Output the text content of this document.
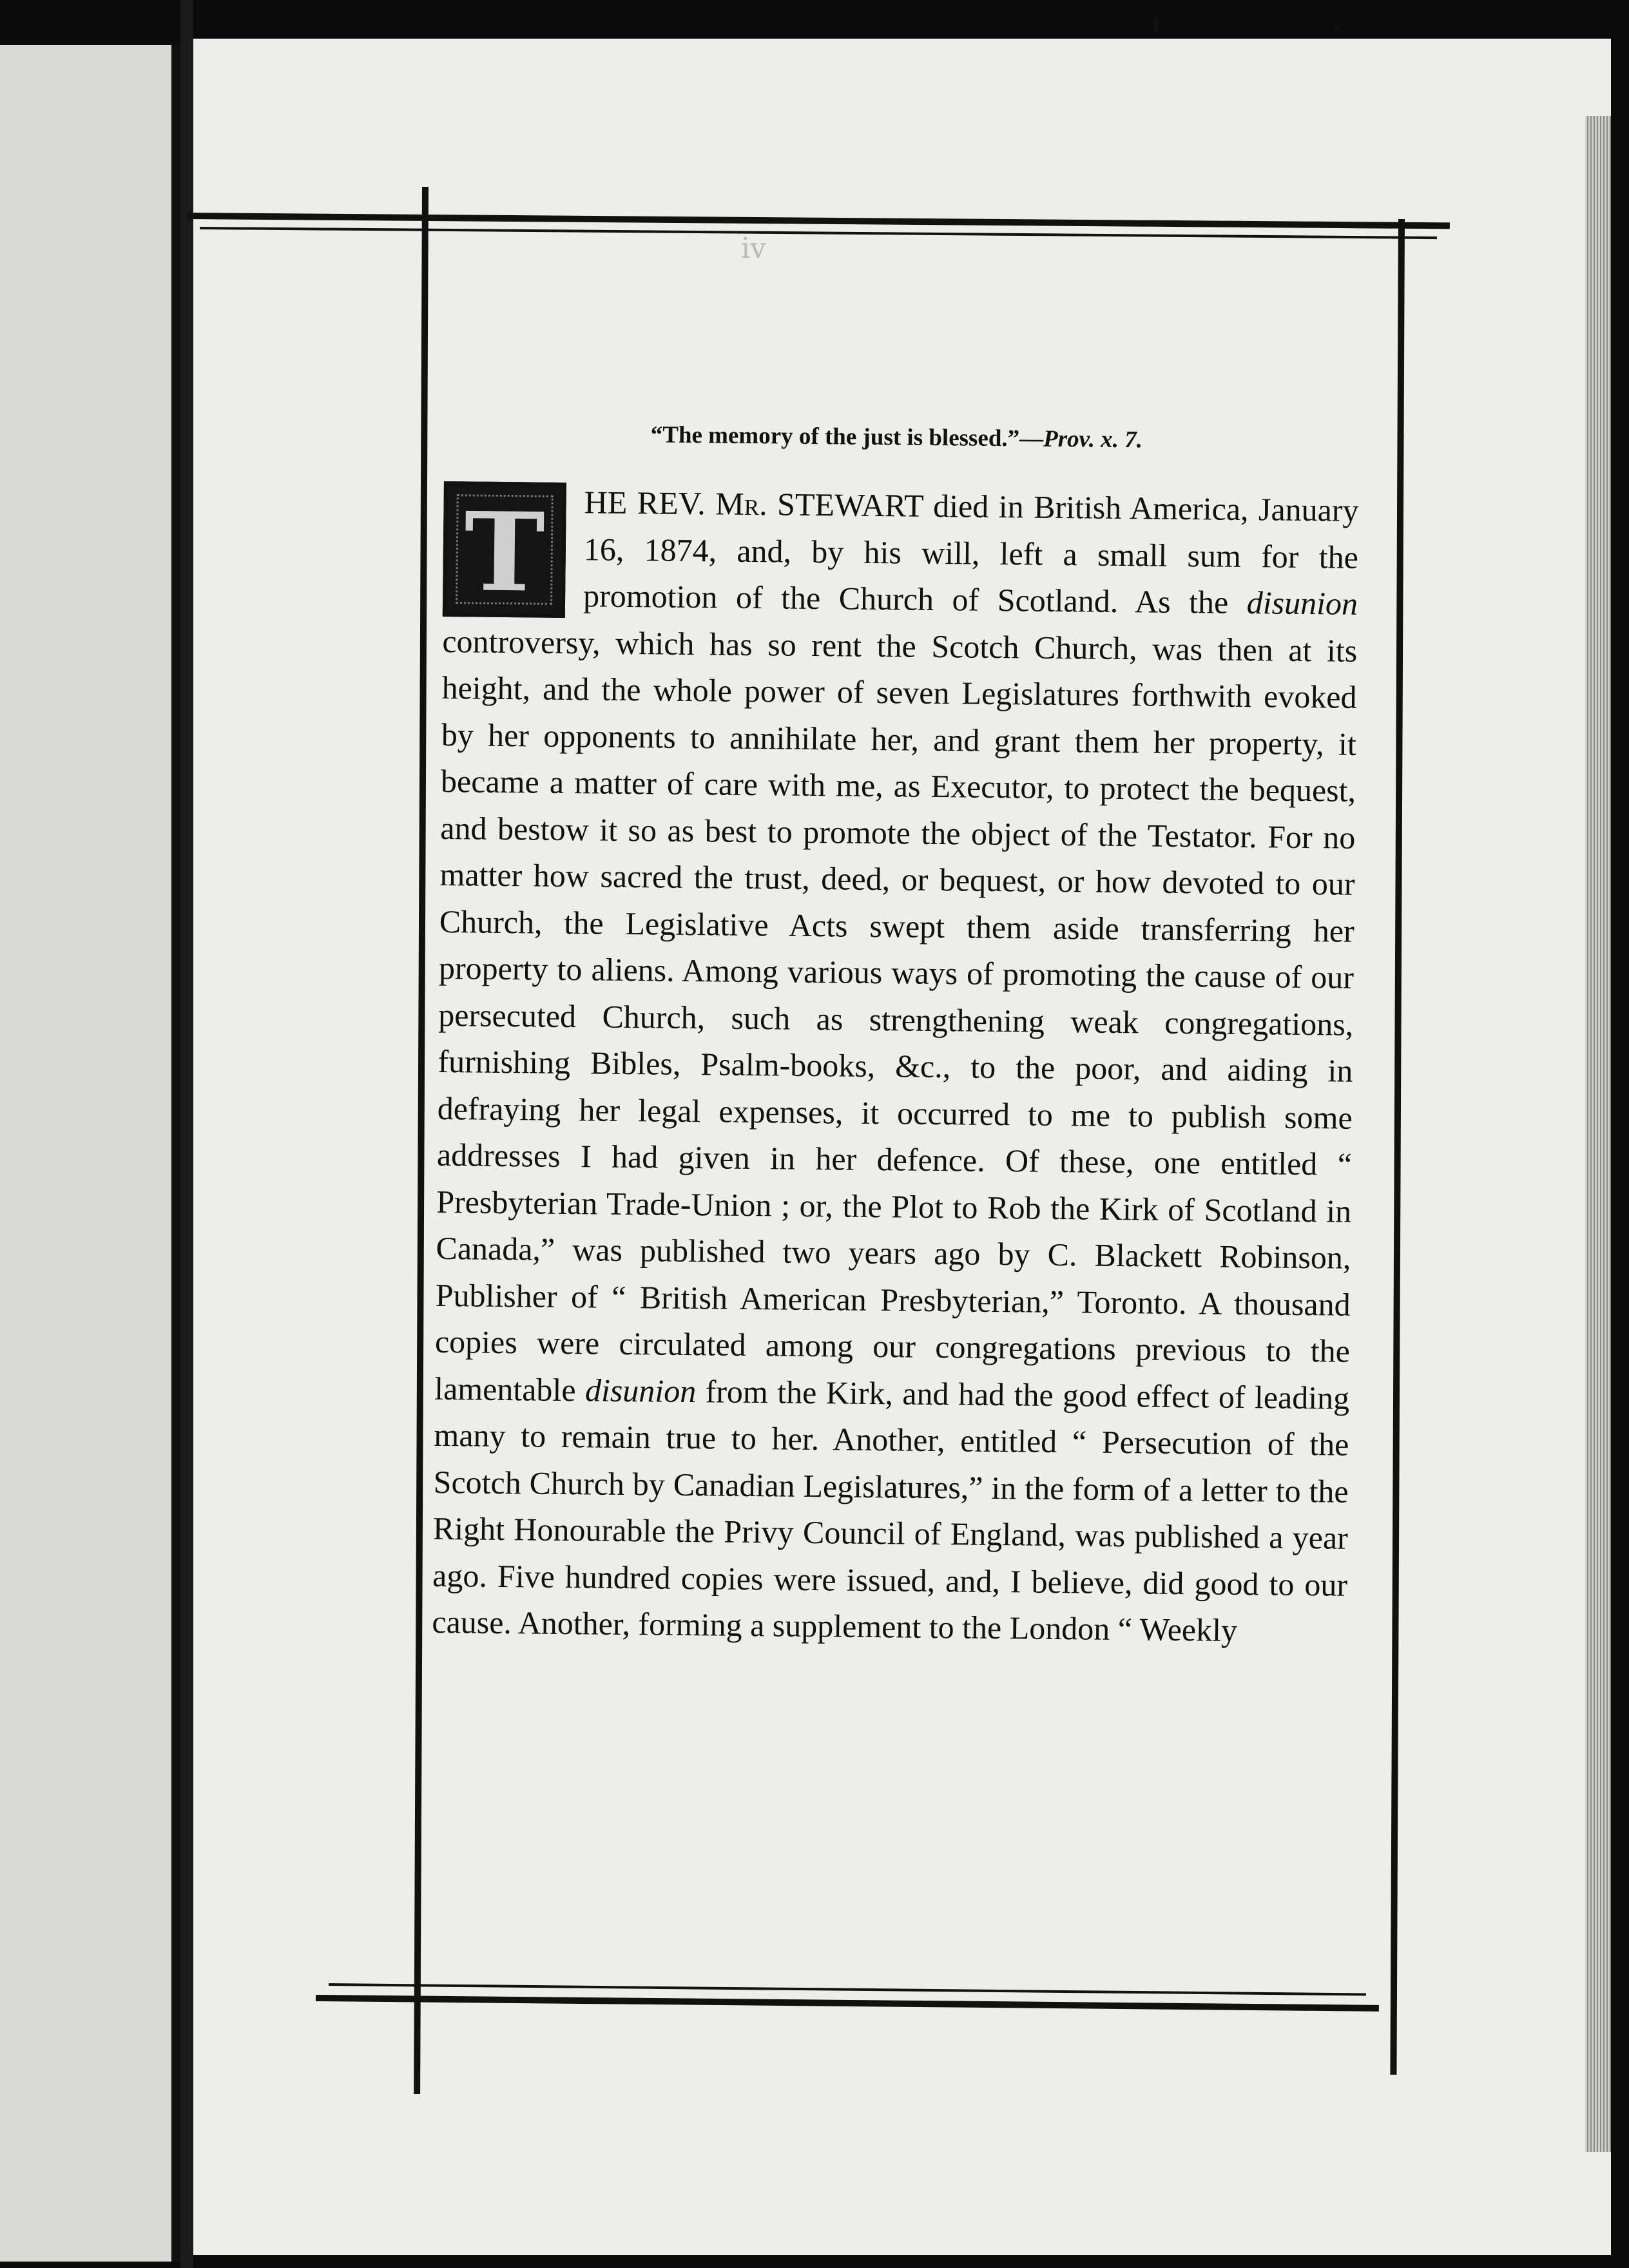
iv
“The memory of the just is blessed.”—Prov. x. 7.
T	HE REV. Mr. STEWART died in British America, January 16, 1874, and, by his will, left a small sum for the promotion of the Church of Scotland. As the disunion controversy, which has so rent the Scotch Church, was then at its height, and the whole power of seven Legislatures forthwith evoked by her opponents to annihilate her, and grant them her property, it became a matter of care with me, as Executor, to protect the bequest, and bestow it so as best to promote the object of the Testator. For no matter how sacred the trust, deed, or bequest, or how devoted to our Church, the Legislative Acts swept them aside transferring her property to aliens. Among various ways of promoting the cause of our persecuted Church, such as strengthening weak congregations, furnishing Bibles, Psalm-books, &c., to the poor, and aiding in defraying her legal expenses, it occurred to me to publish some addresses I had given in her defence. Of these, one entitled “ Presbyterian Trade-Union ; or, the Plot to Rob the Kirk of Scotland in Canada,” was published two years ago by C. Blackett Robinson, Publisher of “ British American Presbyterian,” Toronto. A thousand copies were circulated among our congregations previous to the lamentable disunion from the Kirk, and had the good effect of leading many to remain true to her. Another, entitled “ Persecution of the Scotch Church by Canadian Legislatures,” in the form of a letter to the Right Honourable the Privy Council of England, was published a year ago. Five hundred copies were issued, and, I believe, did good to our cause. Another, forming a supplement to the London “ Weekly
